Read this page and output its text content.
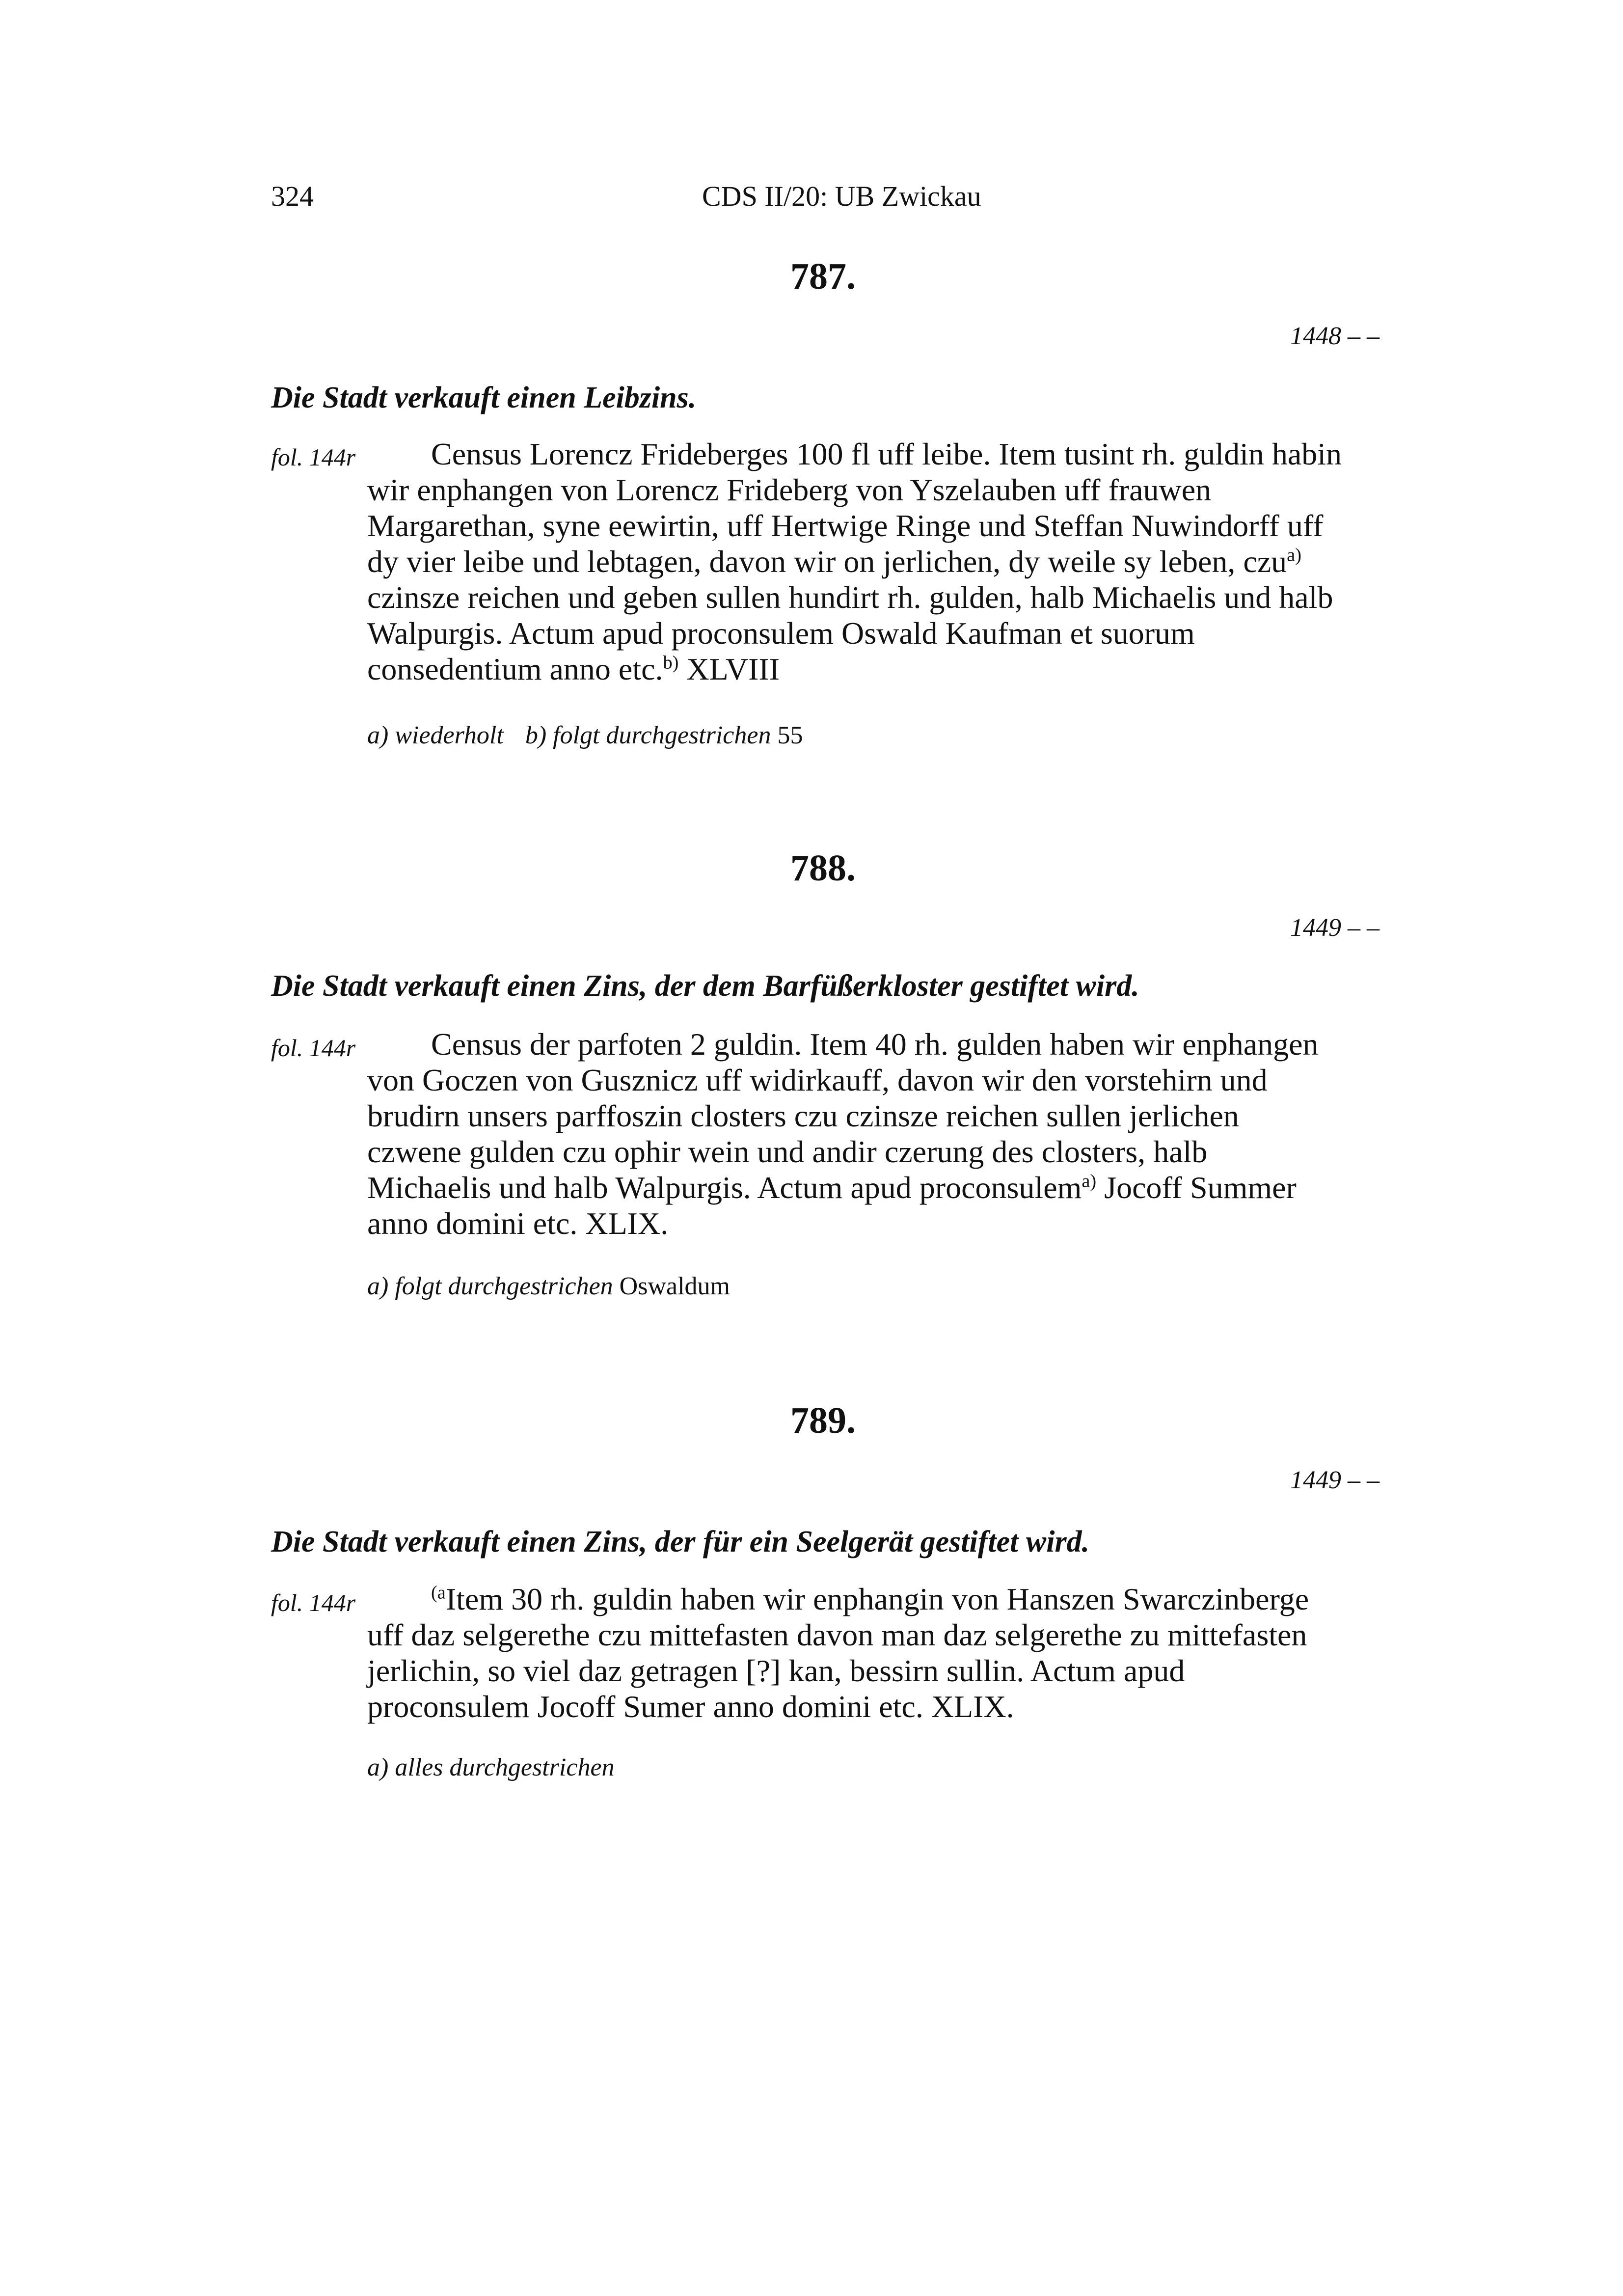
324	CDS II/20: UB Zwickau
787.
1448 – –
Die Stadt verkauft einen Leibzins.
fol. 144r	Census Lorencz Frideberges 100 fl uff leibe. Item tusint rh. guldin habin

wir enphangen von Lorencz Frideberg von Yszelauben uff frauwen

Margarethan, syne eewirtin, uff Hertwige Ringe und Steffan Nuwindorff uff

dy vier leibe und lebtagen, davon wir on jerlichen, dy weile sy leben, czu$^{a)}$

czinsze reichen und geben sullen hundirt rh. gulden, halb Michaelis und halb

Walpurgis. Actum apud proconsulem Oswald Kaufman et suorum

consedentium anno etc.$^{b)}$ XLVIII

a) wiederholt b) folgt durchgestrichen 55
788.
1449 – –
Die Stadt verkauft einen Zins, der dem Barfüßerkloster gestiftet wird.
fol. 144r	Census der parfoten 2 guldin. Item 40 rh. gulden haben wir enphangen

von Goczen von Gusznicz uff widirkauff, davon wir den vorstehirn und

brudirn unsers parffoszin closters czu czinsze reichen sullen jerlichen

czwene gulden czu ophir wein und andir czerung des closters, halb

Michaelis und halb Walpurgis. Actum apud proconsulem$^{a)}$ Jocoff Summer

anno domini etc. XLIX.

a) folgt durchgestrichen Oswaldum
789.
1449 – –
Die Stadt verkauft einen Zins, der für ein Seelgerät gestiftet wird.
fol. 144r	$^{(a}$Item 30 rh. guldin haben wir enphangin von Hanszen Swarczinberge

uff daz selgerethe czu mittefasten davon man daz selgerethe zu mittefasten

jerlichin, so viel daz getragen [?] kan, bessirn sullin. Actum apud

proconsulem Jocoff Sumer anno domini etc. XLIX.

a) alles durchgestrichen
